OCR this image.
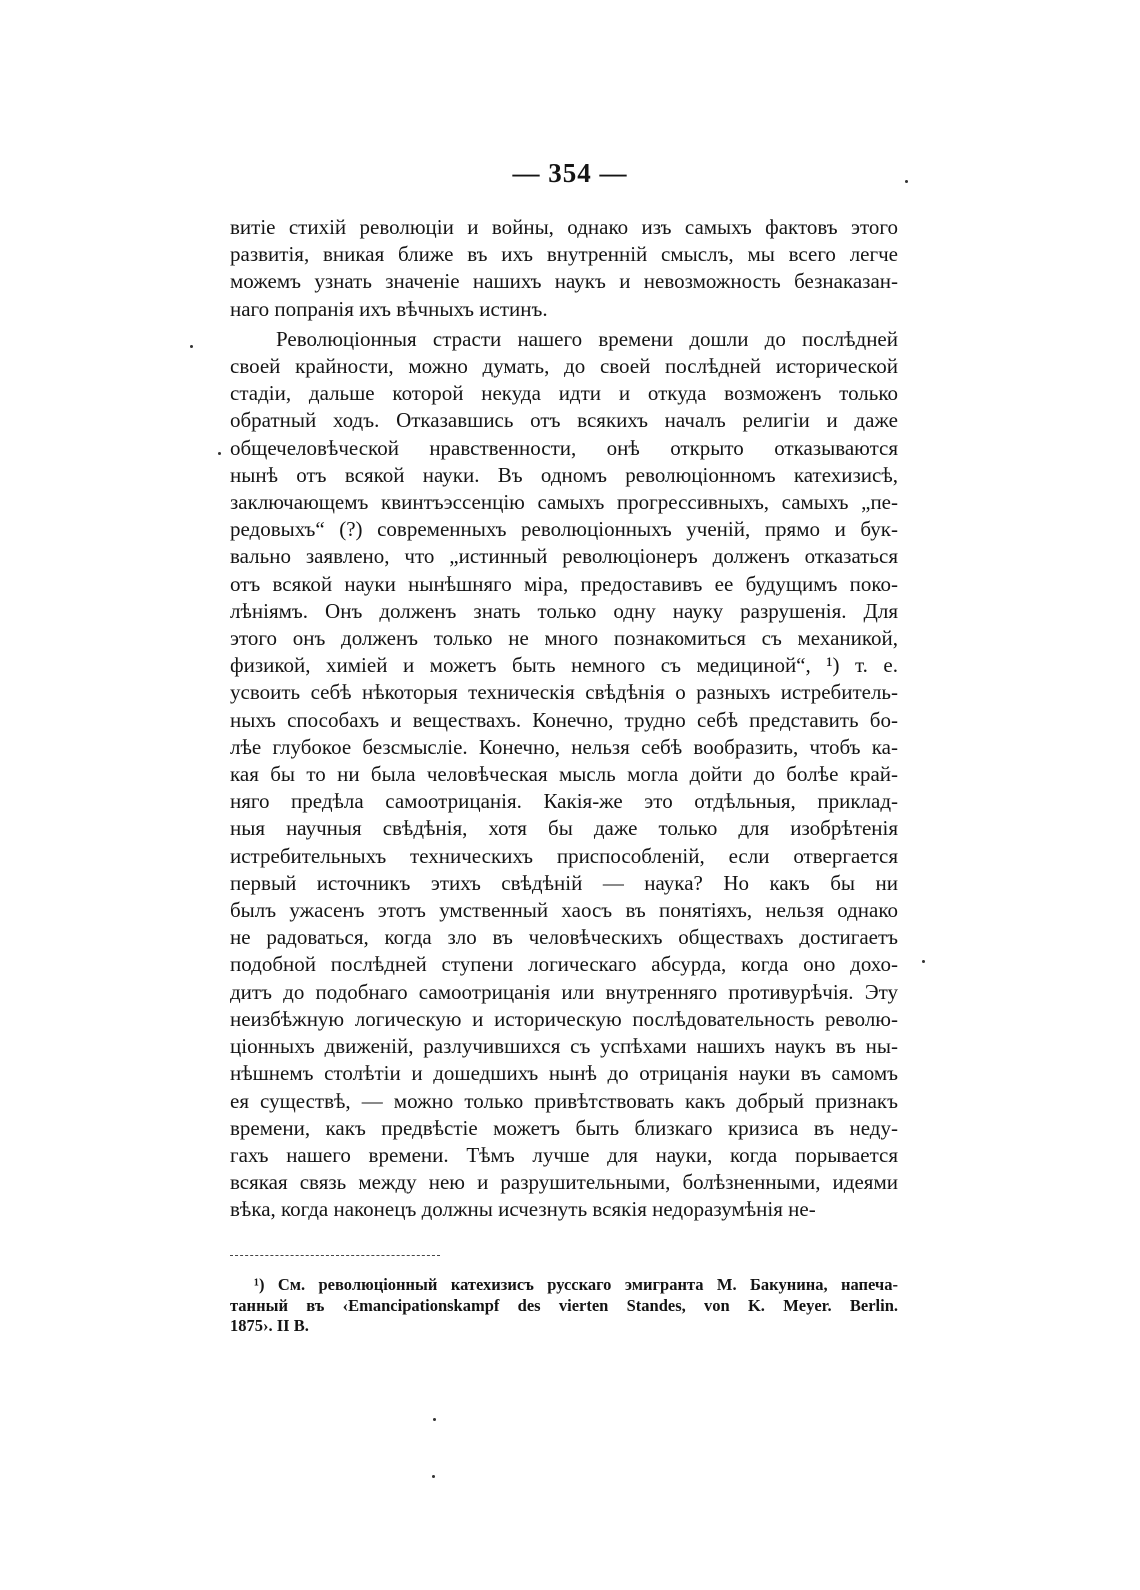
— 354 —
витіе стихій революціи и войны, однако изъ самыхъ фактовъ этого
развитія, вникая ближе въ ихъ внутренній смыслъ, мы всего легче
можемъ узнать значеніе нашихъ наукъ и невозможность безнаказан-
наго попранія ихъ вѣчныхъ истинъ.
Революціонныя страсти нашего времени дошли до послѣдней
своей крайности, можно думать, до своей послѣдней исторической
стадіи, дальше которой некуда идти и откуда возможенъ только
обратный ходъ. Отказавшись отъ всякихъ началъ религіи и даже
общечеловѣческой нравственности, онѣ открыто отказываются
нынѣ отъ всякой науки. Въ одномъ революціонномъ катехизисѣ,
заключающемъ квинтъэссенцію самыхъ прогрессивныхъ, самыхъ „пе-
редовыхъ“ (?) современныхъ революціонныхъ ученій, прямо и бук-
вально заявлено, что „истинный революціонеръ долженъ отказаться
отъ всякой науки нынѣшняго міра, предоставивъ ее будущимъ поко-
лѣніямъ. Онъ долженъ знать только одну науку разрушенія. Для
этого онъ долженъ только не много познакомиться съ механикой,
физикой, химіей и можетъ быть немного съ медициной“, ¹) т. е.
усвоить себѣ нѣкоторыя техническія свѣдѣнія о разныхъ истребитель-
ныхъ способахъ и веществахъ. Конечно, трудно себѣ представить бо-
лѣе глубокое безсмысліе. Конечно, нельзя себѣ вообразить, чтобъ ка-
кая бы то ни была человѣческая мысль могла дойти до болѣе край-
няго предѣла самоотрицанія. Какія-же это отдѣльныя, приклад-
ныя научныя свѣдѣнія, хотя бы даже только для изобрѣтенія
истребительныхъ техническихъ приспособленій, если отвергается
первый источникъ этихъ свѣдѣній — наука? Но какъ бы ни
былъ ужасенъ этотъ умственный хаосъ въ понятіяхъ, нельзя однако
не радоваться, когда зло въ человѣческихъ обществахъ достигаетъ
подобной послѣдней ступени логическаго абсурда, когда оно дохо-
дитъ до подобнаго самоотрицанія или внутренняго противурѣчія. Эту
неизбѣжную логическую и историческую послѣдовательность револю-
ціонныхъ движеній, разлучившихся съ успѣхами нашихъ наукъ въ ны-
нѣшнемъ столѣтіи и дошедшихъ нынѣ до отрицанія науки въ самомъ
ея существѣ, — можно только привѣтствовать какъ добрый признакъ
времени, какъ предвѣстіе можетъ быть близкаго кризиса въ неду-
гахъ нашего времени. Тѣмъ лучше для науки, когда порывается
всякая связь между нею и разрушительными, болѣзненными, идеями
вѣка, когда наконецъ должны исчезнуть всякія недоразумѣнія не-
¹) См. революціонный катехизисъ русскаго эмигранта М. Бакунина, напеча-
танный въ ‹Emancipationskampf des vierten Standes, von K. Meyer. Berlin.
1875›. II В.
